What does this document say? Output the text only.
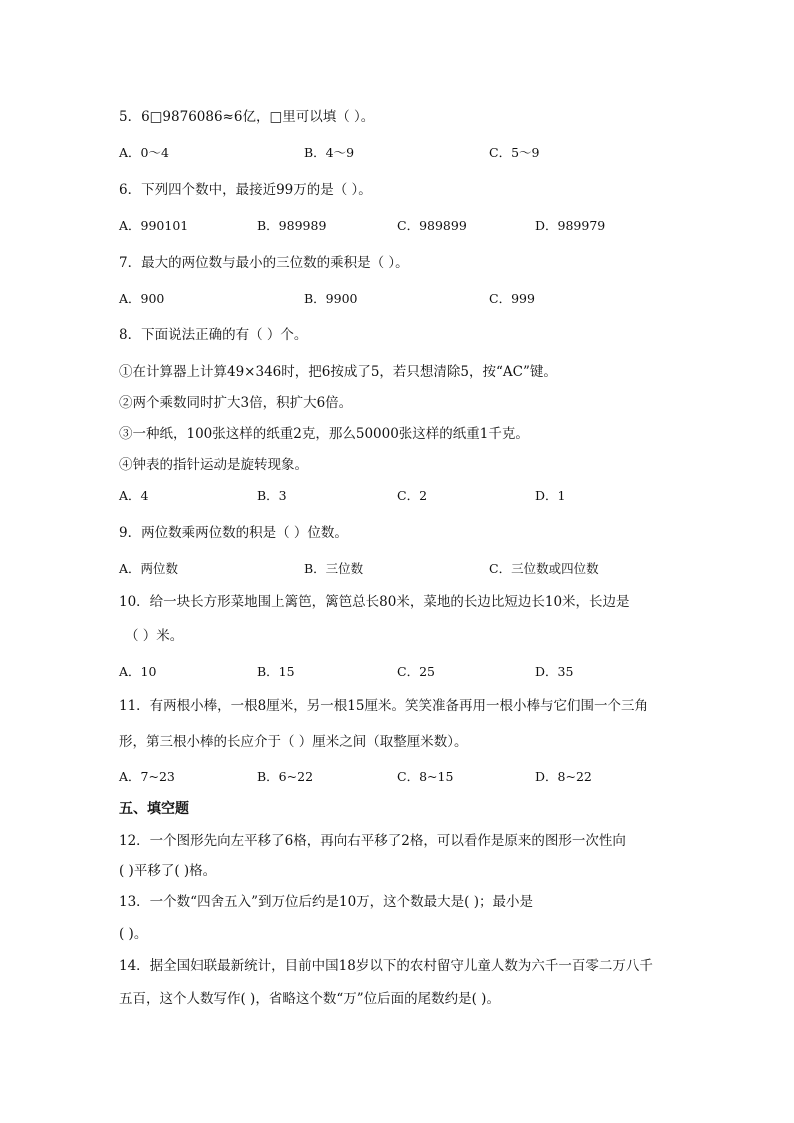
5．6□9876086≈6亿，□里可以填（ ）。
A．0～4	B．4～9	C．5～9
6．下列四个数中，最接近99万的是（ ）。
A．990101	B．989989	C．989899	D．989979
7．最大的两位数与最小的三位数的乘积是（ ）。
A．900	B．9900	C．999
8．下面说法正确的有（ ）个。
①在计算器上计算49×346时，把6按成了5，若只想清除5，按“AC”键。
②两个乘数同时扩大3倍，积扩大6倍。
③一种纸，100张这样的纸重2克，那么50000张这样的纸重1千克。
④钟表的指针运动是旋转现象。
A．4	B．3	C．2	D．1
9．两位数乘两位数的积是（ ）位数。
A．两位数	B．三位数	C．三位数或四位数
10．给一块长方形菜地围上篱笆，篱笆总长80米，菜地的长边比短边长10米，长边是
（ ）米。
A．10	B．15	C．25	D．35
11．有两根小棒，一根8厘米，另一根15厘米。笑笑准备再用一根小棒与它们围一个三角
形，第三根小棒的长应介于（ ）厘米之间（取整厘米数）。
A．7~23	B．6~22	C．8~15	D．8~22
五、填空题
12．一个图形先向左平移了6格，再向右平移了2格，可以看作是原来的图形一次性向
( )平移了( )格。
13．一个数“四舍五入”到万位后约是10万，这个数最大是( )；最小是
( )。
14．据全国妇联最新统计，目前中国18岁以下的农村留守儿童人数为六千一百零二万八千
五百，这个人数写作( )，省略这个数“万”位后面的尾数约是( )。
